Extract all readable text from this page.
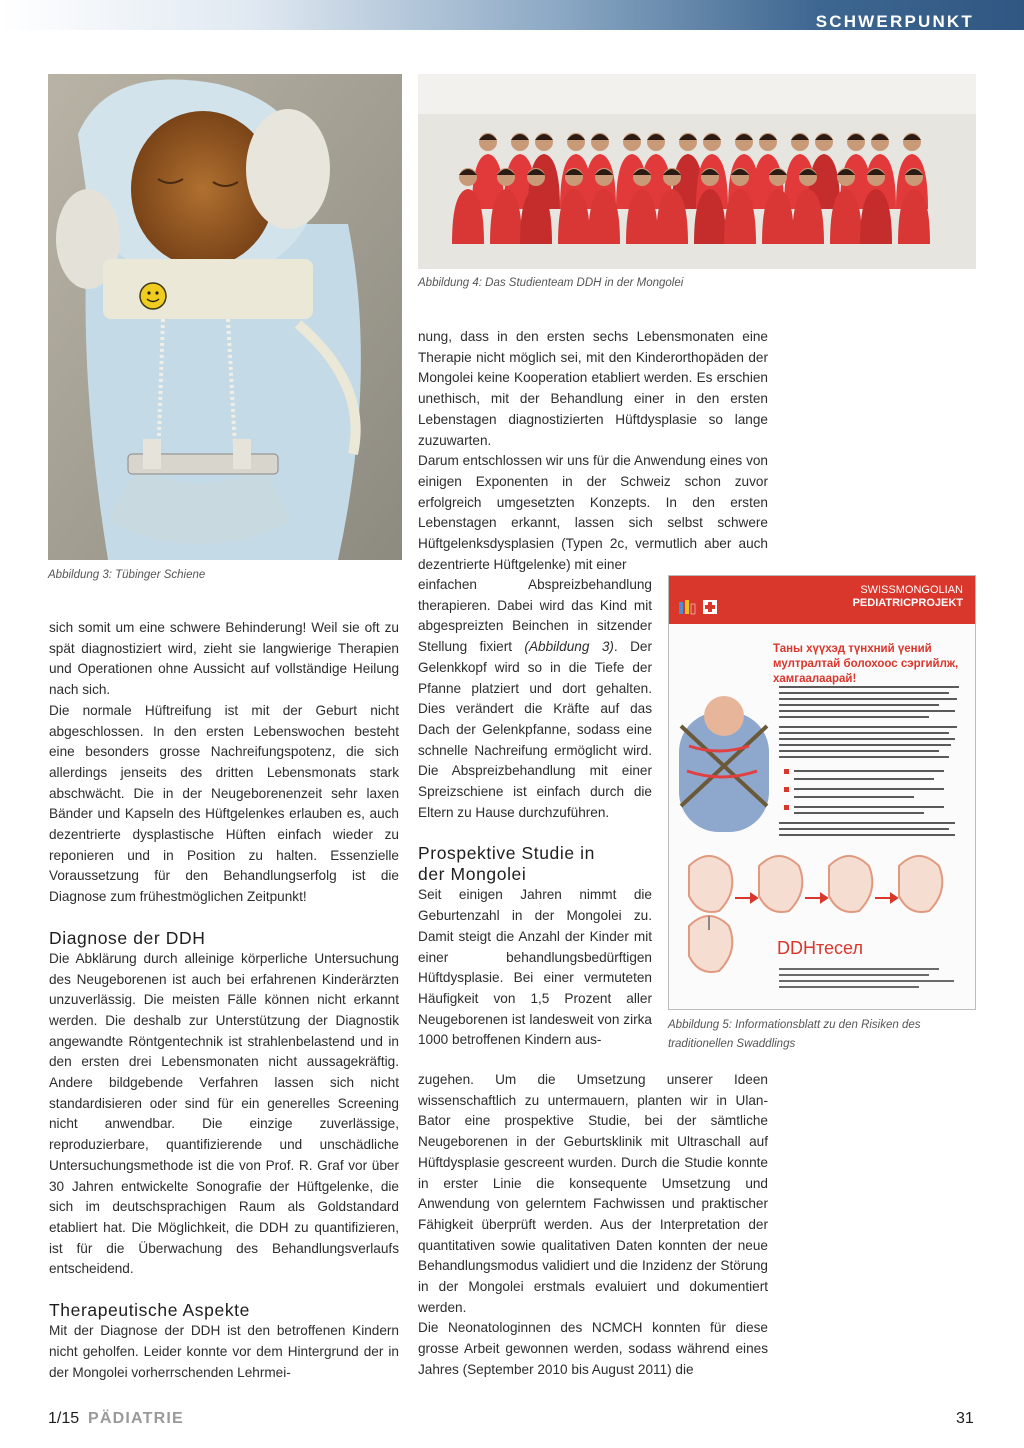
SCHWERPUNKT
Abbildung 3: Tübinger Schiene
Abbildung 4: Das Studienteam DDH in der Mongolei
SWISSMONGOLIAN
PEDIATRICPROJEKT
Таны хүүхэд түнхний үений мултралтай болохоос сэргийлж, хамгаалаарай!
DDHтесел
Abbildung 5: Informationsblatt zu den Risiken des traditionellen Swaddlings

sich somit um eine schwere Behinderung! Weil sie oft zu spät diagnostiziert wird, zieht sie langwierige Therapien und Operationen ohne Aussicht auf vollständige Heilung nach sich.

Die normale Hüftreifung ist mit der Geburt nicht abgeschlossen. In den ersten Lebenswochen besteht eine besonders grosse Nachreifungspotenz, die sich allerdings jenseits des dritten Lebensmonats stark abschwächt. Die in der Neugeborenenzeit sehr laxen Bänder und Kapseln des Hüftgelenkes erlauben es, auch dezentrierte dysplastische Hüften einfach wieder zu reponieren und in Position zu halten. Essenzielle Voraussetzung für den Behandlungserfolg ist die Diagnose zum frühestmöglichen Zeitpunkt!

Diagnose der DDH

Die Abklärung durch alleinige körperliche Untersuchung des Neugeborenen ist auch bei erfahrenen Kinderärzten unzuverlässig. Die meisten Fälle können nicht erkannt werden. Die deshalb zur Unterstützung der Diagnostik angewandte Röntgentechnik ist strahlenbelastend und in den ersten drei Lebensmonaten nicht aussagekräftig. Andere bildgebende Verfahren lassen sich nicht standardisieren oder sind für ein generelles Screening nicht anwendbar. Die einzige zuverlässige, reproduzierbare, quantifizierende und unschädliche Untersuchungsmethode ist die von Prof. R. Graf vor über 30 Jahren entwickelte Sonografie der Hüftgelenke, die sich im deutschsprachigen Raum als Goldstandard etabliert hat. Die Möglichkeit, die DDH zu quantifizieren, ist für die Überwachung des Behandlungsverlaufs entscheidend.

Therapeutische Aspekte

Mit der Diagnose der DDH ist den betroffenen Kindern nicht geholfen. Leider konnte vor dem Hintergrund der in der Mongolei vorherrschenden Lehrmei-

nung, dass in den ersten sechs Lebensmonaten eine Therapie nicht möglich sei, mit den Kinderorthopäden der Mongolei keine Kooperation etabliert werden. Es erschien unethisch, mit der Behandlung einer in den ersten Lebenstagen diagnostizierten Hüftdysplasie so lange zuzuwarten.

Darum entschlossen wir uns für die Anwendung eines von einigen Exponenten in der Schweiz schon zuvor erfolgreich umgesetzten Konzepts. In den ersten Lebenstagen erkannt, lassen sich selbst schwere Hüftgelenksdysplasien (Typen 2c, vermutlich aber auch dezentrierte Hüftgelenke) mit einer

einfachen Abspreizbehandlung therapieren. Dabei wird das Kind mit abgespreizten Beinchen in sitzender Stellung fixiert (Abbildung 3). Der Gelenkkopf wird so in die Tiefe der Pfanne platziert und dort gehalten. Dies verändert die Kräfte auf das Dach der Gelenkpfanne, sodass eine schnelle Nachreifung ermöglicht wird. Die Abspreizbehandlung mit einer Spreizschiene ist einfach durch die Eltern zu Hause durchzuführen.

Prospektive Studie in der Mongolei

Seit einigen Jahren nimmt die Geburtenzahl in der Mongolei zu. Damit steigt die Anzahl der Kinder mit einer behandlungsbedürftigen Hüftdysplasie. Bei einer vermuteten Häufigkeit von 1,5 Prozent aller Neugeborenen ist landesweit von zirka 1000 betroffenen Kindern aus-

zugehen. Um die Umsetzung unserer Ideen wissenschaftlich zu untermauern, planten wir in Ulan-Bator eine prospektive Studie, bei der sämtliche Neugeborenen in der Geburtsklinik mit Ultraschall auf Hüftdysplasie gescreent wurden. Durch die Studie konnte in erster Linie die konsequente Umsetzung und Anwendung von gelerntem Fachwissen und praktischer Fähigkeit überprüft werden. Aus der Interpretation der quantitativen sowie qualitativen Daten konnten der neue Behandlungsmodus validiert und die Inzidenz der Störung in der Mongolei erstmals evaluiert und dokumentiert werden.

Die Neonatologinnen des NCMCH konnten für diese grosse Arbeit gewonnen werden, sodass während eines Jahres (September 2010 bis August 2011) die

1/15 PÄDIATRIE	31
